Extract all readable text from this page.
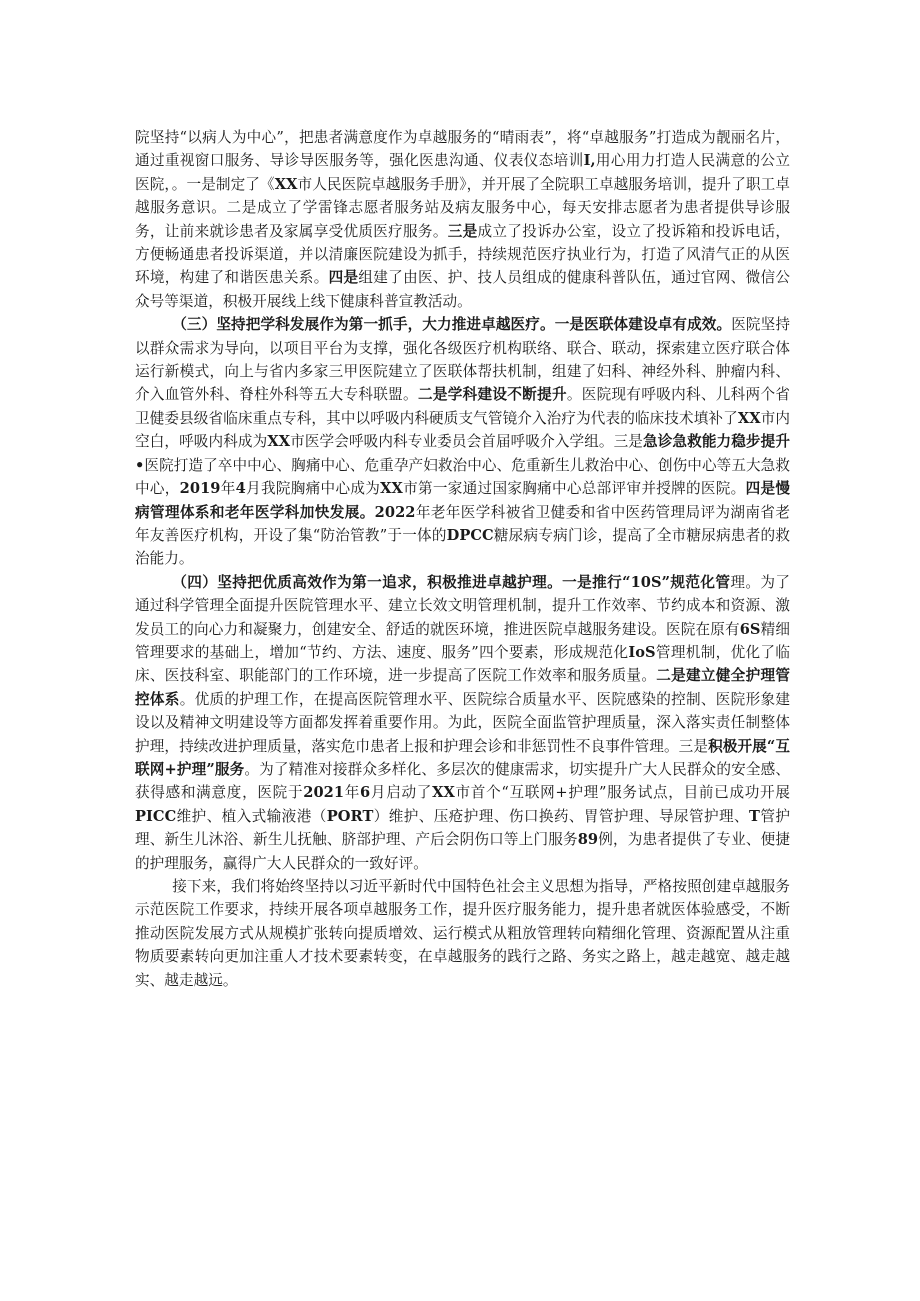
院坚持“以病人为中心”，把患者满意度作为卓越服务的“晴雨表”，将“卓越服务”打造成为靓丽名片，通过重视窗口服务、导诊导医服务等，强化医患沟通、仪表仪态培训I,用心用力打造人民满意的公立医院，。一是制定了《XX市人民医院卓越服务手册》，并开展了全院职工卓越服务培训，提升了职工卓越服务意识。二是成立了学雷锋志愿者服务站及病友服务中心，每天安排志愿者为患者提供导诊服务，让前来就诊患者及家属享受优质医疗服务。三是成立了投诉办公室，设立了投诉箱和投诉电话，方便畅通患者投诉渠道，并以清廉医院建设为抓手，持续规范医疗执业行为，打造了风清气正的从医环境，构建了和谐医患关系。四是组建了由医、护、技人员组成的健康科普队伍，通过官网、微信公众号等渠道，积极开展线上线下健康科普宣教活动。

（三）坚持把学科发展作为第一抓手，大力推进卓越医疗。一是医联体建设卓有成效。医院坚持以群众需求为导向，以项目平台为支撑，强化各级医疗机构联络、联合、联动，探索建立医疗联合体运行新模式，向上与省内多家三甲医院建立了医联体帮扶机制，组建了妇科、神经外科、肿瘤内科、介入血管外科、脊柱外科等五大专科联盟。二是学科建设不断提升。医院现有呼吸内科、儿科两个省卫健委县级省临床重点专科，其中以呼吸内科硬质支气管镜介入治疗为代表的临床技术填补了XX市内空白，呼吸内科成为XX市医学会呼吸内科专业委员会首届呼吸介入学组。三是急诊急救能力稳步提升•医院打造了卒中中心、胸痛中心、危重孕产妇救治中心、危重新生儿救治中心、创伤中心等五大急救中心，2019年4月我院胸痛中心成为XX市第一家通过国家胸痛中心总部评审并授牌的医院。四是慢病管理体系和老年医学科加快发展。2022年老年医学科被省卫健委和省中医药管理局评为湖南省老年友善医疗机构，开设了集“防治管教”于一体的DPCC糖尿病专病门诊，提高了全市糖尿病患者的救治能力。

（四）坚持把优质高效作为第一追求，积极推进卓越护理。一是推行“10S”规范化管理。为了通过科学管理全面提升医院管理水平、建立长效文明管理机制，提升工作效率、节约成本和资源、激发员工的向心力和凝聚力，创建安全、舒适的就医环境，推进医院卓越服务建设。医院在原有6S精细管理要求的基础上，增加“节约、方法、速度、服务”四个要素，形成规范化IoS管理机制，优化了临床、医技科室、职能部门的工作环境，进一步提高了医院工作效率和服务质量。二是建立健全护理管控体系。优质的护理工作，在提高医院管理水平、医院综合质量水平、医院感染的控制、医院形象建设以及精神文明建设等方面都发挥着重要作用。为此，医院全面监管护理质量，深入落实责任制整体护理，持续改进护理质量，落实危巾患者上报和护理会诊和非惩罚性不良事件管理。三是积极开展“互联网+护理”服务。为了精准对接群众多样化、多层次的健康需求，切实提升广大人民群众的安全感、获得感和满意度，医院于2021年6月启动了XX市首个“互联网+护理”服务试点，目前已成功开展PICC维护、植入式输液港（PORT）维护、压疮护理、伤口换药、胃管护理、导尿管护理、T管护理、新生儿沐浴、新生儿抚触、脐部护理、产后会阴伤口等上门服务89例，为患者提供了专业、便捷的护理服务，赢得广大人民群众的一致好评。

接下来，我们将始终坚持以习近平新时代中国特色社会主义思想为指导，严格按照创建卓越服务示范医院工作要求，持续开展各项卓越服务工作，提升医疗服务能力，提升患者就医体验感受，不断推动医院发展方式从规模扩张转向提质增效、运行模式从粗放管理转向精细化管理、资源配置从注重物质要素转向更加注重人才技术要素转变，在卓越服务的践行之路、务实之路上，越走越宽、越走越实、越走越远。
